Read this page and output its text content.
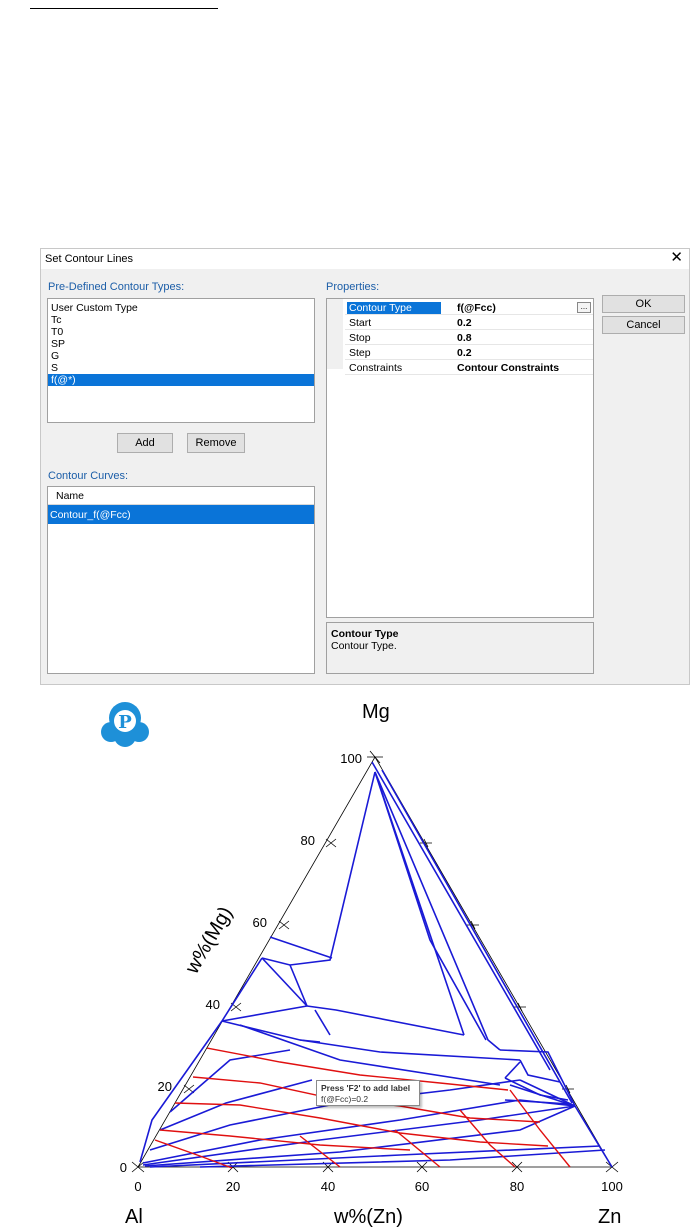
Set Contour Lines	✕
Pre-Defined Contour Types:
User Custom Type
Tc
T0
SP
G
S
f(@*)
Add	Remove
Contour Curves:
Name
Contour_f(@Fcc)
Properties:
Contour Type	f(@Fcc)	...
Start	0.2
Stop	0.8
Step	0.2
Constraints	Contour Constraints
OK
Cancel
Contour Type
Contour Type.
P	Mg
Al	Zn
w%(Zn)
w%(Mg)
100
80
60
40
20
0
0	20	40	60	80	100
Press 'F2' to add label
f(@Fcc)=0.2
